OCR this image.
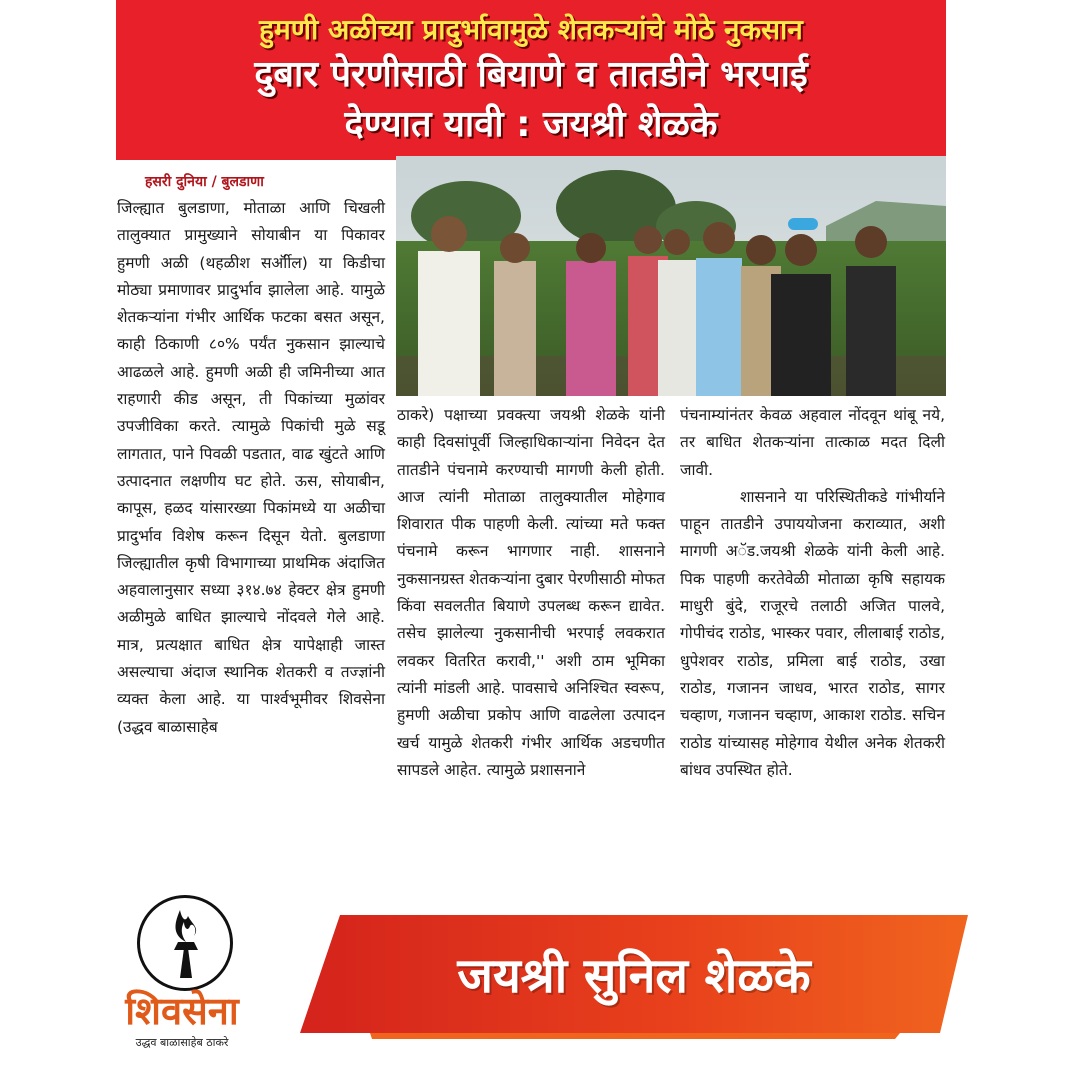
हुमणी अळीच्या प्रादुर्भावामुळे शेतकऱ्यांचे मोठे नुकसान
दुबार पेरणीसाठी बियाणे व तातडीने भरपाई
देण्यात यावी : जयश्री शेळके
हसरी दुनिया / बुलडाणा
जिल्ह्यात बुलडाणा, मोताळा आणि चिखली तालुक्यात प्रामुख्याने सोयाबीन या पिकावर हुमणी अळी (थहळीश सर्ऑील) या किडीचा मोठ्या प्रमाणावर प्रादुर्भाव झालेला आहे. यामुळे शेतकऱ्यांना गंभीर आर्थिक फटका बसत असून, काही ठिकाणी ८०% पर्यंत नुकसान झाल्याचे आढळले आहे. हुमणी अळी ही जमिनीच्या आत राहणारी कीड असून, ती पिकांच्या मुळांवर उपजीविका करते. त्यामुळे पिकांची मुळे सडू लागतात, पाने पिवळी पडतात, वाढ खुंटते आणि उत्पादनात लक्षणीय घट होते. ऊस, सोयाबीन, कापूस, हळद यांसारख्या पिकांमध्ये या अळीचा प्रादुर्भाव विशेष करून दिसून येतो. बुलडाणा जिल्ह्यातील कृषी विभागाच्या प्राथमिक अंदाजित अहवालानुसार सध्या ३१४.७४ हेक्टर क्षेत्र हुमणी अळीमुळे बाधित झाल्याचे नोंदवले गेले आहे. मात्र, प्रत्यक्षात बाधित क्षेत्र यापेक्षाही जास्त असल्याचा अंदाज स्थानिक शेतकरी व तज्ज्ञांनी व्यक्त केला आहे. या पार्श्वभूमीवर शिवसेना (उद्धव बाळासाहेब
ठाकरे) पक्षाच्या प्रवक्त्या जयश्री शेळके यांनी काही दिवसांपूर्वी जिल्हाधिकाऱ्यांना निवेदन देत तातडीने पंचनामे करण्याची मागणी केली होती. आज त्यांनी मोताळा तालुक्यातील मोहेगाव शिवारात पीक पाहणी केली. त्यांच्या मते फक्त पंचनामे करून भागणार नाही. शासनाने नुकसानग्रस्त शेतकऱ्यांना दुबार पेरणीसाठी मोफत किंवा सवलतीत बियाणे उपलब्ध करून द्यावेत. तसेच झालेल्या नुकसानीची भरपाई लवकरात लवकर वितरित करावी,'' अशी ठाम भूमिका त्यांनी मांडली आहे. पावसाचे अनिश्चित स्वरूप, हुमणी अळीचा प्रकोप आणि वाढलेला उत्पादन खर्च यामुळे शेतकरी गंभीर आर्थिक अडचणीत सापडले आहेत. त्यामुळे प्रशासनाने
पंचनाम्यांनंतर केवळ अहवाल नोंदवून थांबू नये, तर बाधित शेतकऱ्यांना तात्काळ मदत दिली जावी.
शासनाने या परिस्थितीकडे गांभीर्याने पाहून तातडीने उपाययोजना कराव्यात, अशी मागणी अॅड.जयश्री शेळके यांनी केली आहे. पिक पाहणी करतेवेळी मोताळा कृषि सहायक माधुरी बुंदे, राजूरचे तलाठी अजित पालवे, गोपीचंद राठोड, भास्कर पवार, लीलाबाई राठोड, धुपेशवर राठोड, प्रमिला बाई राठोड, उखा राठोड, गजानन जाधव, भारत राठोड, सागर चव्हाण, गजानन चव्हाण, आकाश राठोड. सचिन राठोड यांच्यासह मोहेगाव येथील अनेक शेतकरी बांधव उपस्थित होते.
शिवसेना
उद्धव बाळासाहेब ठाकरे
जयश्री सुनिल शेळके
